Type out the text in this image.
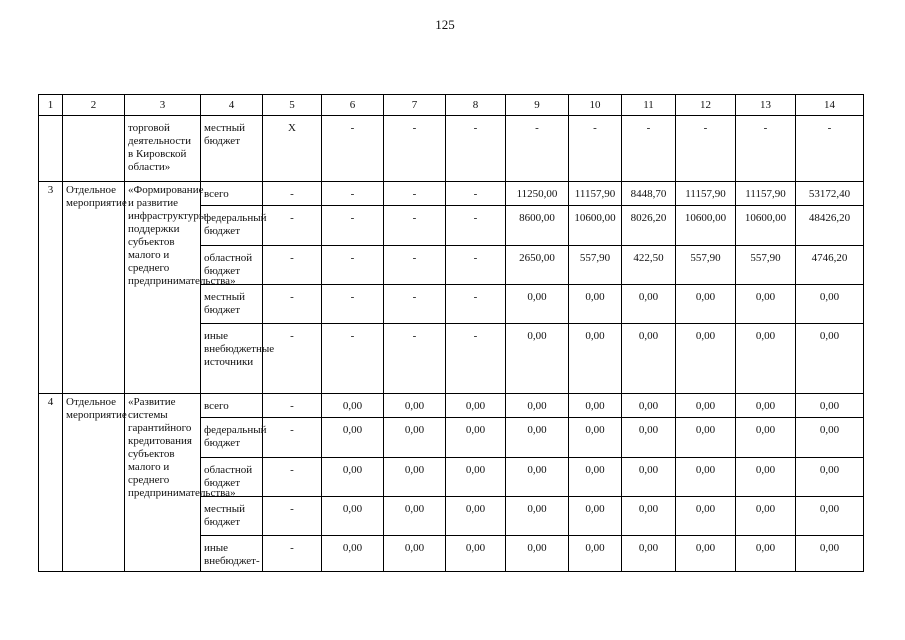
125
1	2	3	4	5	6	7	8	9	10	11	12	13	14
		торговой деятельности в Кировской области»	местный бюджет	X	-	-	-	-	-	-	-	-	-
3	Отдельное мероприятие	«Формирование и развитие инфраструктуры поддержки субъектов малого и среднего предпринимательства»	всего	-	-	-	-	11250,00	11157,90	8448,70	11157,90	11157,90	53172,40
			федеральный бюджет	-	-	-	-	8600,00	10600,00	8026,20	10600,00	10600,00	48426,20
			областной бюджет	-	-	-	-	2650,00	557,90	422,50	557,90	557,90	4746,20
			местный бюджет	-	-	-	-	0,00	0,00	0,00	0,00	0,00	0,00
			иные внебюджетные источники	-	-	-	-	0,00	0,00	0,00	0,00	0,00	0,00
4	Отдельное мероприятие	«Развитие системы гарантийного кредитования субъектов малого и среднего предпринимательства»	всего	-	0,00	0,00	0,00	0,00	0,00	0,00	0,00	0,00	0,00
			федеральный бюджет	-	0,00	0,00	0,00	0,00	0,00	0,00	0,00	0,00	0,00
			областной бюджет	-	0,00	0,00	0,00	0,00	0,00	0,00	0,00	0,00	0,00
			местный бюджет	-	0,00	0,00	0,00	0,00	0,00	0,00	0,00	0,00	0,00
			иные внебюджет-	-	0,00	0,00	0,00	0,00	0,00	0,00	0,00	0,00	0,00
